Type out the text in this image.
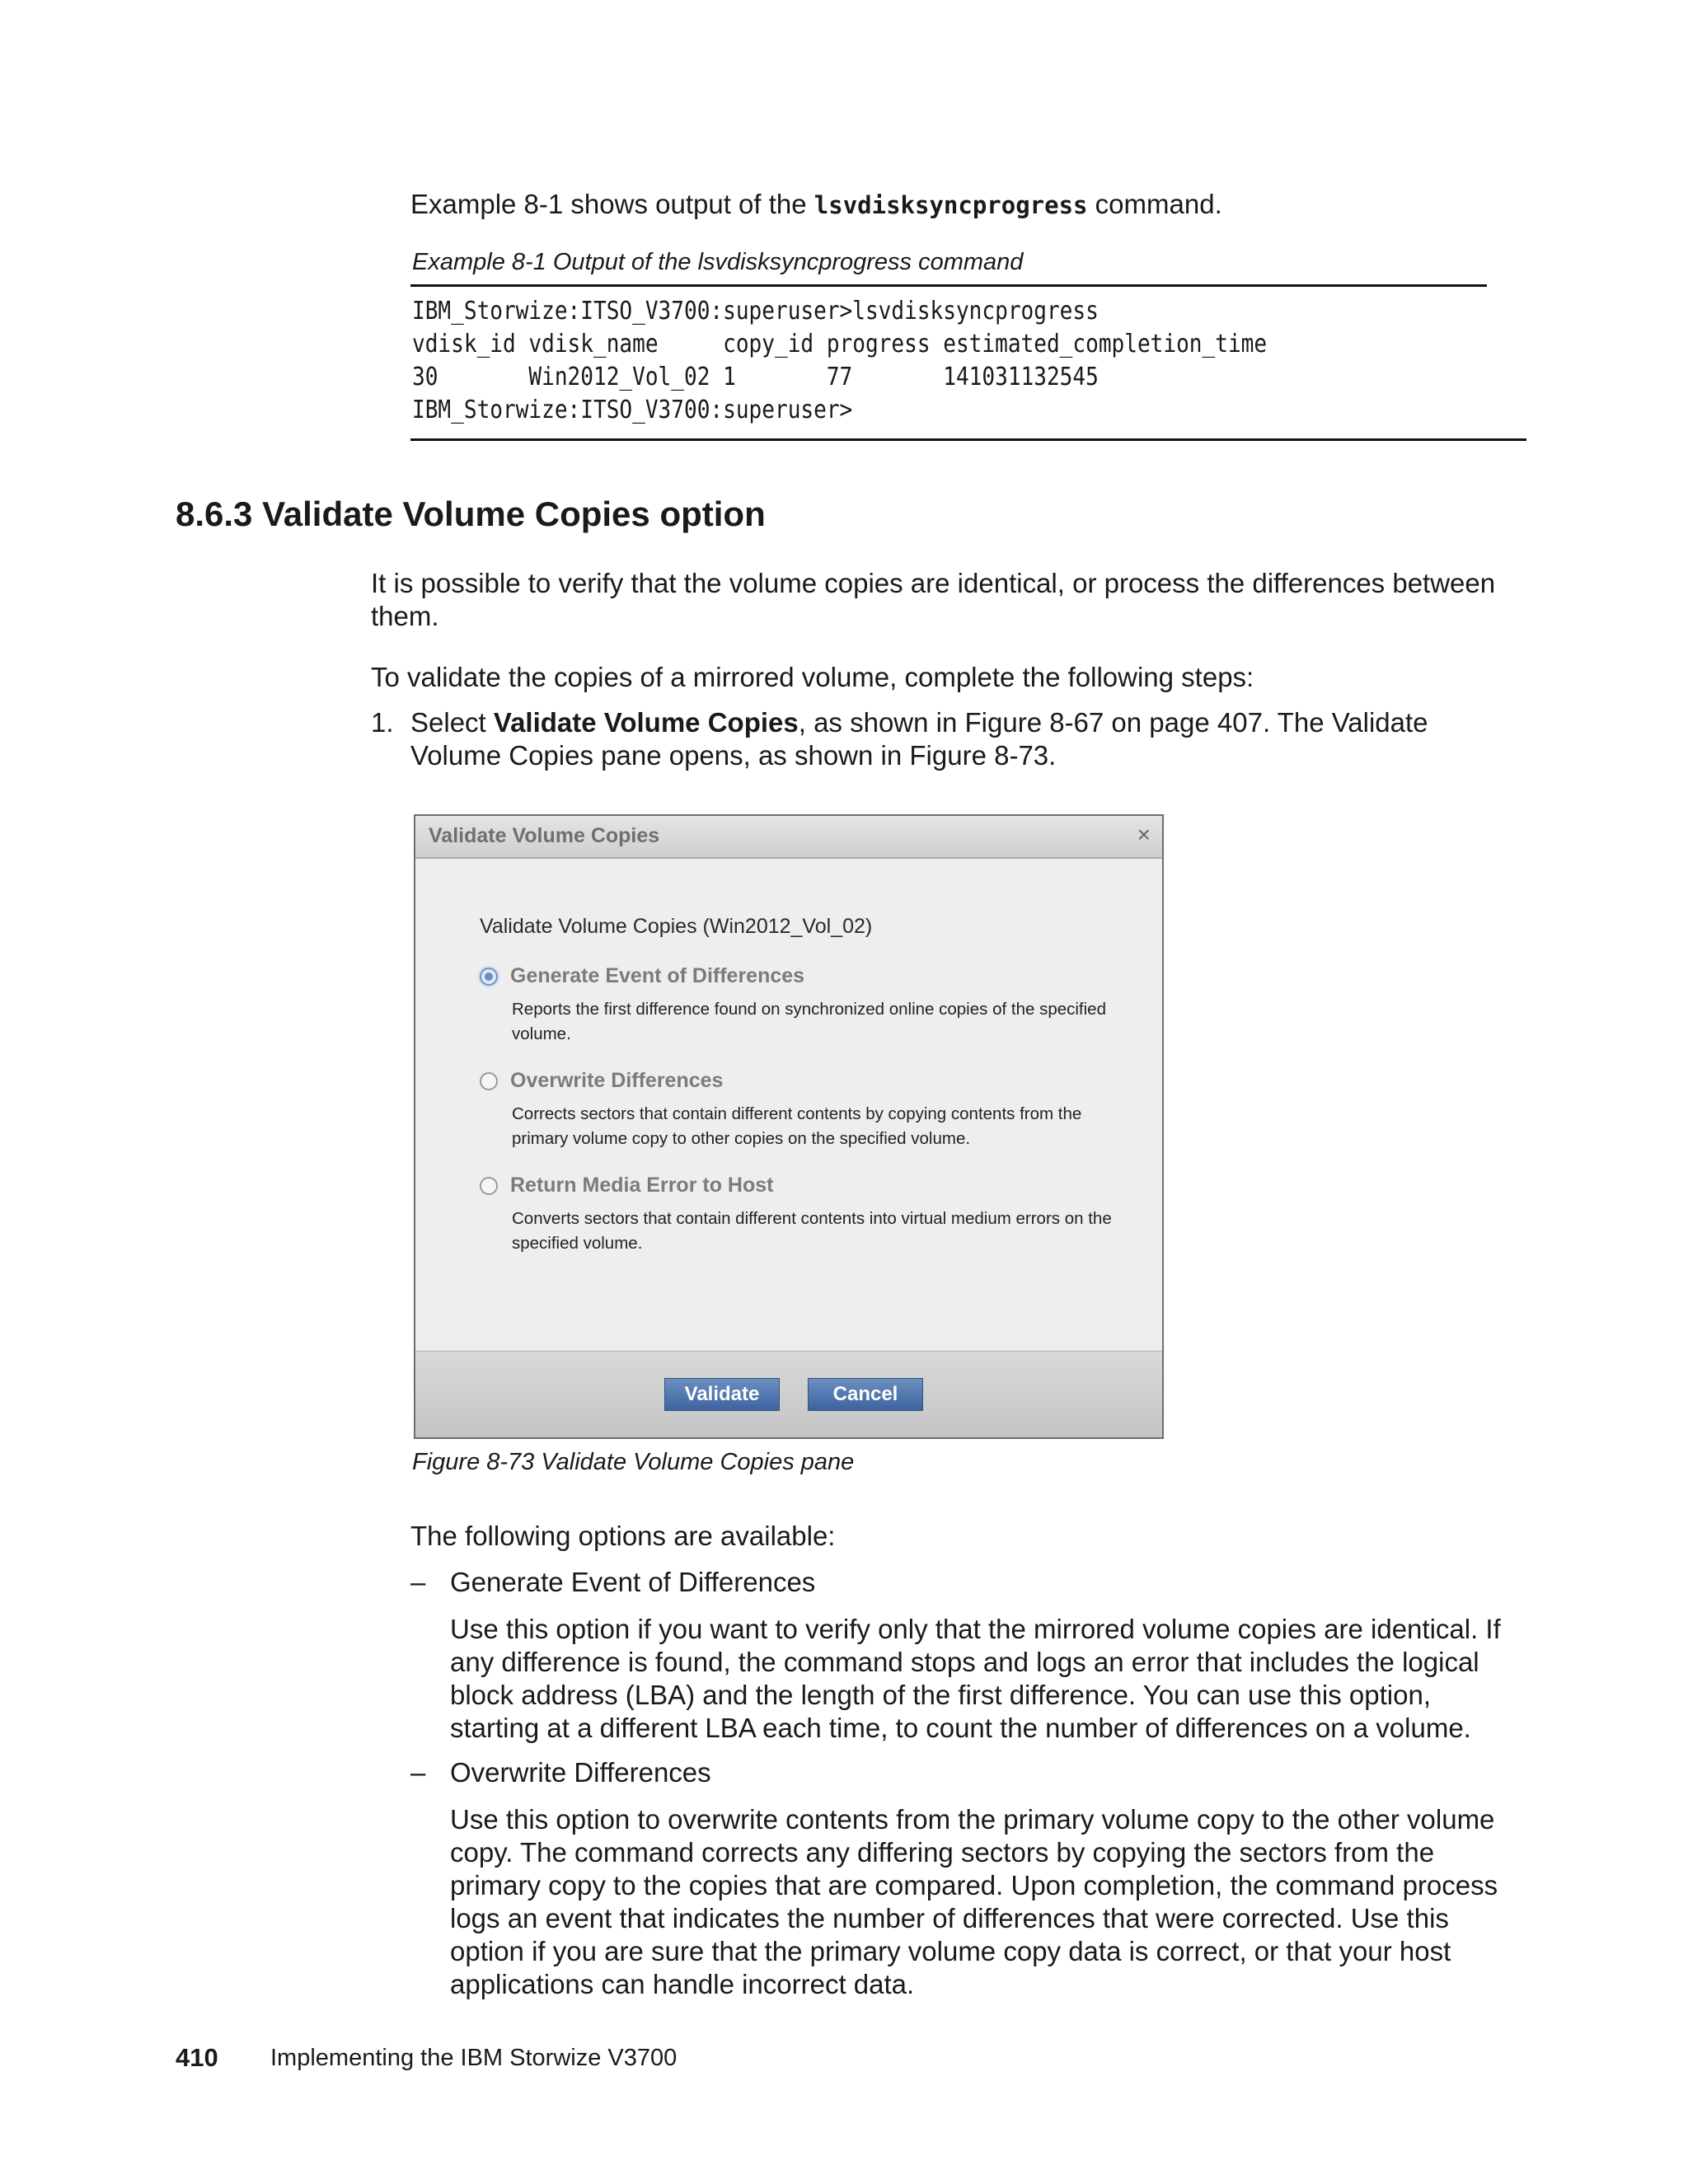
Example 8-1 shows output of the lsvdisksyncprogress command.
Example 8-1 Output of the lsvdisksyncprogress command
IBM_Storwize:ITSO_V3700:superuser>lsvdisksyncprogress
vdisk_id vdisk_name     copy_id progress estimated_completion_time
30       Win2012_Vol_02 1       77       141031132545
IBM_Storwize:ITSO_V3700:superuser>
8.6.3 Validate Volume Copies option
It is possible to verify that the volume copies are identical, or process the differences between them.
To validate the copies of a mirrored volume, complete the following steps:
1. Select Validate Volume Copies, as shown in Figure 8-67 on page 407. The Validate Volume Copies pane opens, as shown in Figure 8-73.
Validate Volume Copies	×
Validate Volume Copies (Win2012_Vol_02)
Generate Event of Differences
Reports the first difference found on synchronized online copies of the specified volume.
Overwrite Differences
Corrects sectors that contain different contents by copying contents from the primary volume copy to other copies on the specified volume.
Return Media Error to Host
Converts sectors that contain different contents into virtual medium errors on the specified volume.
Validate	Cancel
Figure 8-73 Validate Volume Copies pane
The following options are available:
– Generate Event of Differences
Use this option if you want to verify only that the mirrored volume copies are identical. If any difference is found, the command stops and logs an error that includes the logical block address (LBA) and the length of the first difference. You can use this option, starting at a different LBA each time, to count the number of differences on a volume.
– Overwrite Differences
Use this option to overwrite contents from the primary volume copy to the other volume copy. The command corrects any differing sectors by copying the sectors from the primary copy to the copies that are compared. Upon completion, the command process logs an event that indicates the number of differences that were corrected. Use this option if you are sure that the primary volume copy data is correct, or that your host applications can handle incorrect data.
410 Implementing the IBM Storwize V3700
